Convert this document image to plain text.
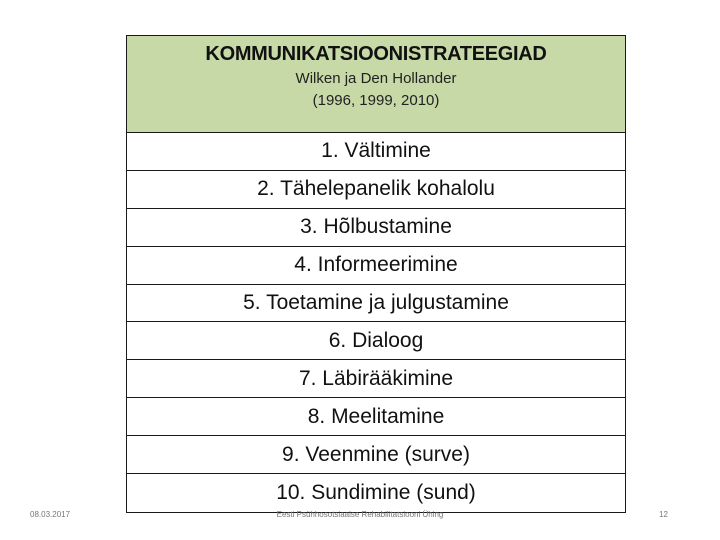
KOMMUNIKATSIOONISTRATEEGIAD
Wilken ja Den Hollander
(1996, 1999, 2010)
1. Vältimine
2. Tähelepanelik kohalolu
3. Hõlbustamine
4. Informeerimine
5. Toetamine ja julgustamine
6. Dialoog
7. Läbirääkimine
8. Meelitamine
9. Veenmine (surve)
10. Sundimine (sund)
08.03.2017	Eesti Psühhosotsiaalse Rehabilitatsiooni Ühing	12
